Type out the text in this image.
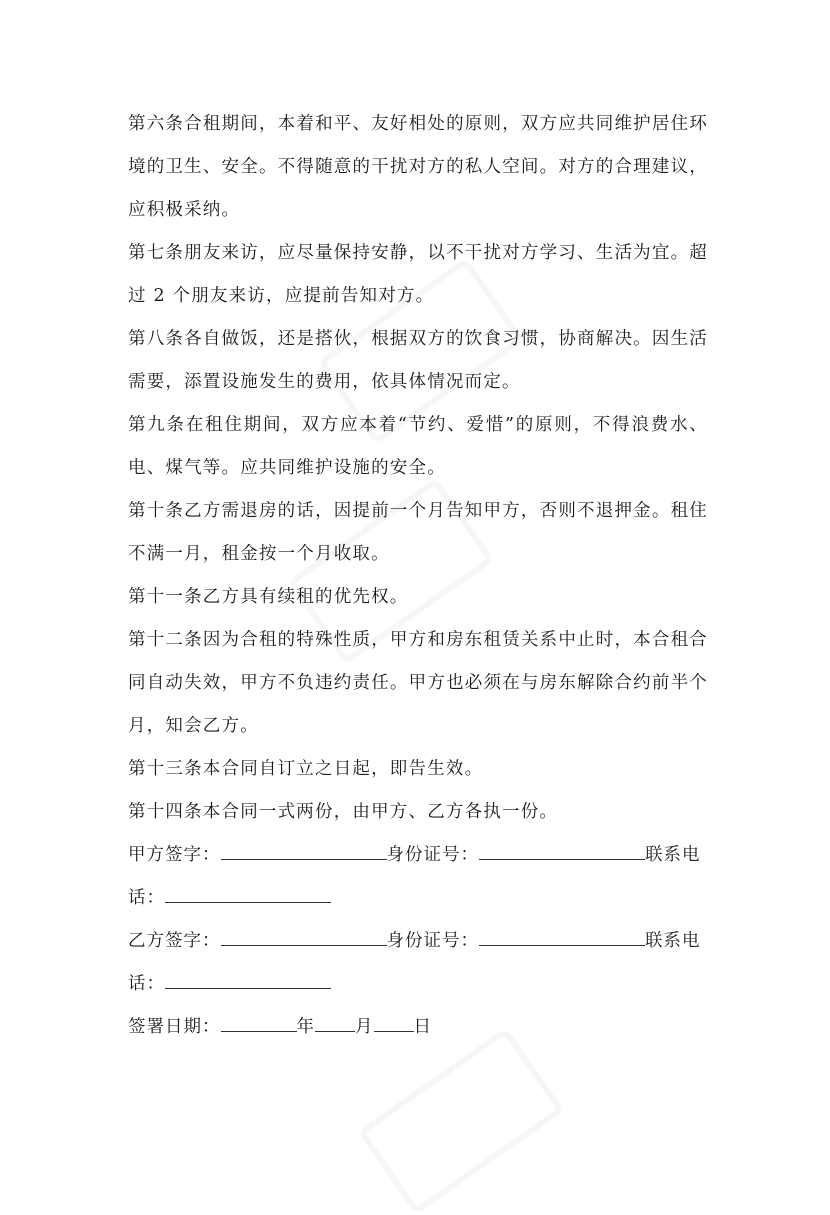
第六条合租期间，本着和平、友好相处的原则，双方应共同维护居住环境的卫生、安全。不得随意的干扰对方的私人空间。对方的合理建议，应积极采纳。

第七条朋友来访，应尽量保持安静，以不干扰对方学习、生活为宜。超过 2 个朋友来访，应提前告知对方。

第八条各自做饭，还是搭伙，根据双方的饮食习惯，协商解决。因生活需要，添置设施发生的费用，依具体情况而定。

第九条在租住期间，双方应本着“节约、爱惜”的原则，不得浪费水、电、煤气等。应共同维护设施的安全。

第十条乙方需退房的话，因提前一个月告知甲方，否则不退押金。租住不满一月，租金按一个月收取。

第十一条乙方具有续租的优先权。

第十二条因为合租的特殊性质，甲方和房东租赁关系中止时，本合租合同自动失效，甲方不负违约责任。甲方也必须在与房东解除合约前半个月，知会乙方。

第十三条本合同自订立之日起，即告生效。

第十四条本合同一式两份，由甲方、乙方各执一份。

甲方签字：	身份证号：	联系电

话：

乙方签字：	身份证号：	联系电

话：

签署日期：	年 月 日
